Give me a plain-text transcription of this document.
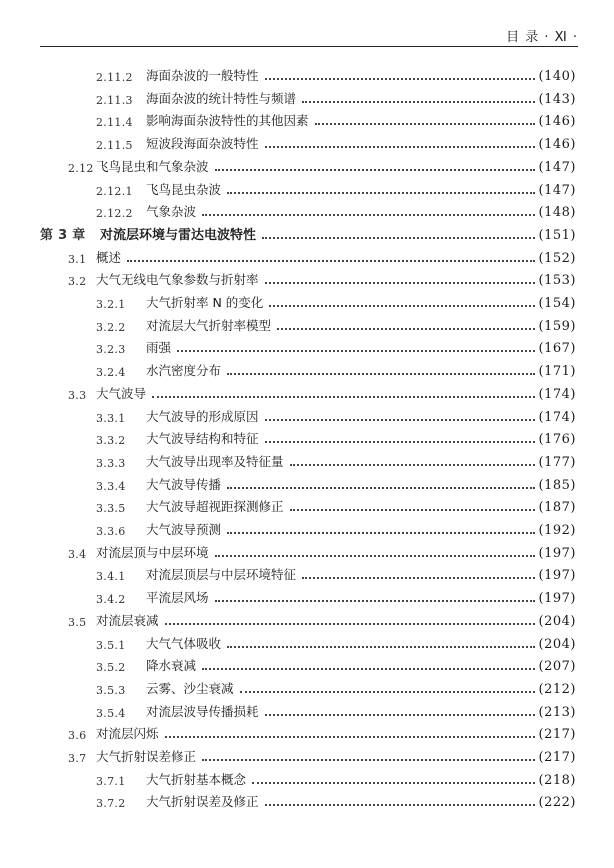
目 录 · Ⅺ ·
2.11.2	海面杂波的一般特性	(140)
2.11.3	海面杂波的统计特性与频谱	(143)
2.11.4	影响海面杂波特性的其他因素	(146)
2.11.5	短波段海面杂波特性	(146)
2.12 飞鸟昆虫和气象杂波	(147)
2.12.1	飞鸟昆虫杂波	(147)
2.12.2	气象杂波	(148)
第 3 章	对流层环境与雷达电波特性	(151)
3.1 概述	(152)
3.2 大气无线电气象参数与折射率	(153)
3.2.1	大气折射率 N 的变化	(154)
3.2.2	对流层大气折射率模型	(159)
3.2.3	雨强	(167)
3.2.4	水汽密度分布	(171)
3.3 大气波导	(174)
3.3.1	大气波导的形成原因	(174)
3.3.2	大气波导结构和特征	(176)
3.3.3	大气波导出现率及特征量	(177)
3.3.4	大气波导传播	(185)
3.3.5	大气波导超视距探测修正	(187)
3.3.6	大气波导预测	(192)
3.4 对流层顶与中层环境	(197)
3.4.1	对流层顶层与中层环境特征	(197)
3.4.2	平流层风场	(197)
3.5 对流层衰减	(204)
3.5.1	大气气体吸收	(204)
3.5.2	降水衰减	(207)
3.5.3	云雾、沙尘衰减	(212)
3.5.4	对流层波导传播损耗	(213)
3.6 对流层闪烁	(217)
3.7 大气折射误差修正	(217)
3.7.1	大气折射基本概念	(218)
3.7.2	大气折射误差及修正	(222)
